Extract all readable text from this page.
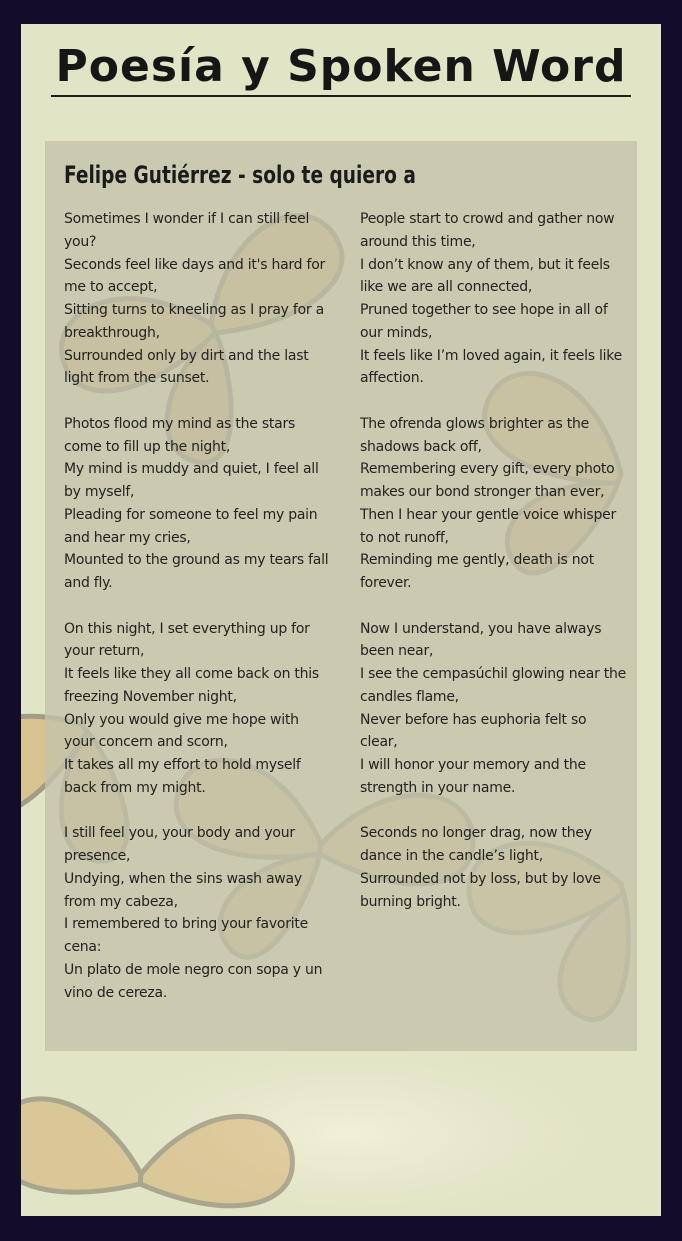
Poesía y Spoken Word
Felipe Gutiérrez - solo te quiero a
Sometimes I wonder if I can still feel you?
Seconds feel like days and it's hard for me to accept,
Sitting turns to kneeling as I pray for a breakthrough,
Surrounded only by dirt and the last light from the sunset.
Photos flood my mind as the stars come to fill up the night,
My mind is muddy and quiet, I feel all by myself,
Pleading for someone to feel my pain and hear my cries,
Mounted to the ground as my tears fall and fly.
On this night, I set everything up for your return,
It feels like they all come back on this freezing November night,
Only you would give me hope with your concern and scorn,
It takes all my effort to hold myself back from my might.
I still feel you, your body and your presence,
Undying, when the sins wash away from my cabeza,
I remembered to bring your favorite cena:
Un plato de mole negro con sopa y un vino de cereza.
People start to crowd and gather now around this time,
I don’t know any of them, but it feels like we are all connected,
Pruned together to see hope in all of our minds,
It feels like I’m loved again, it feels like affection.
The ofrenda glows brighter as the shadows back off,
Remembering every gift, every photo makes our bond stronger than ever,
Then I hear your gentle voice whisper to not runoff,
Reminding me gently, death is not forever.
Now I understand, you have always been near,
I see the cempasúchil glowing near the candles flame,
Never before has euphoria felt so clear,
I will honor your memory and the strength in your name.
Seconds no longer drag, now they dance in the candle’s light,
Surrounded not by loss, but by love burning bright.
